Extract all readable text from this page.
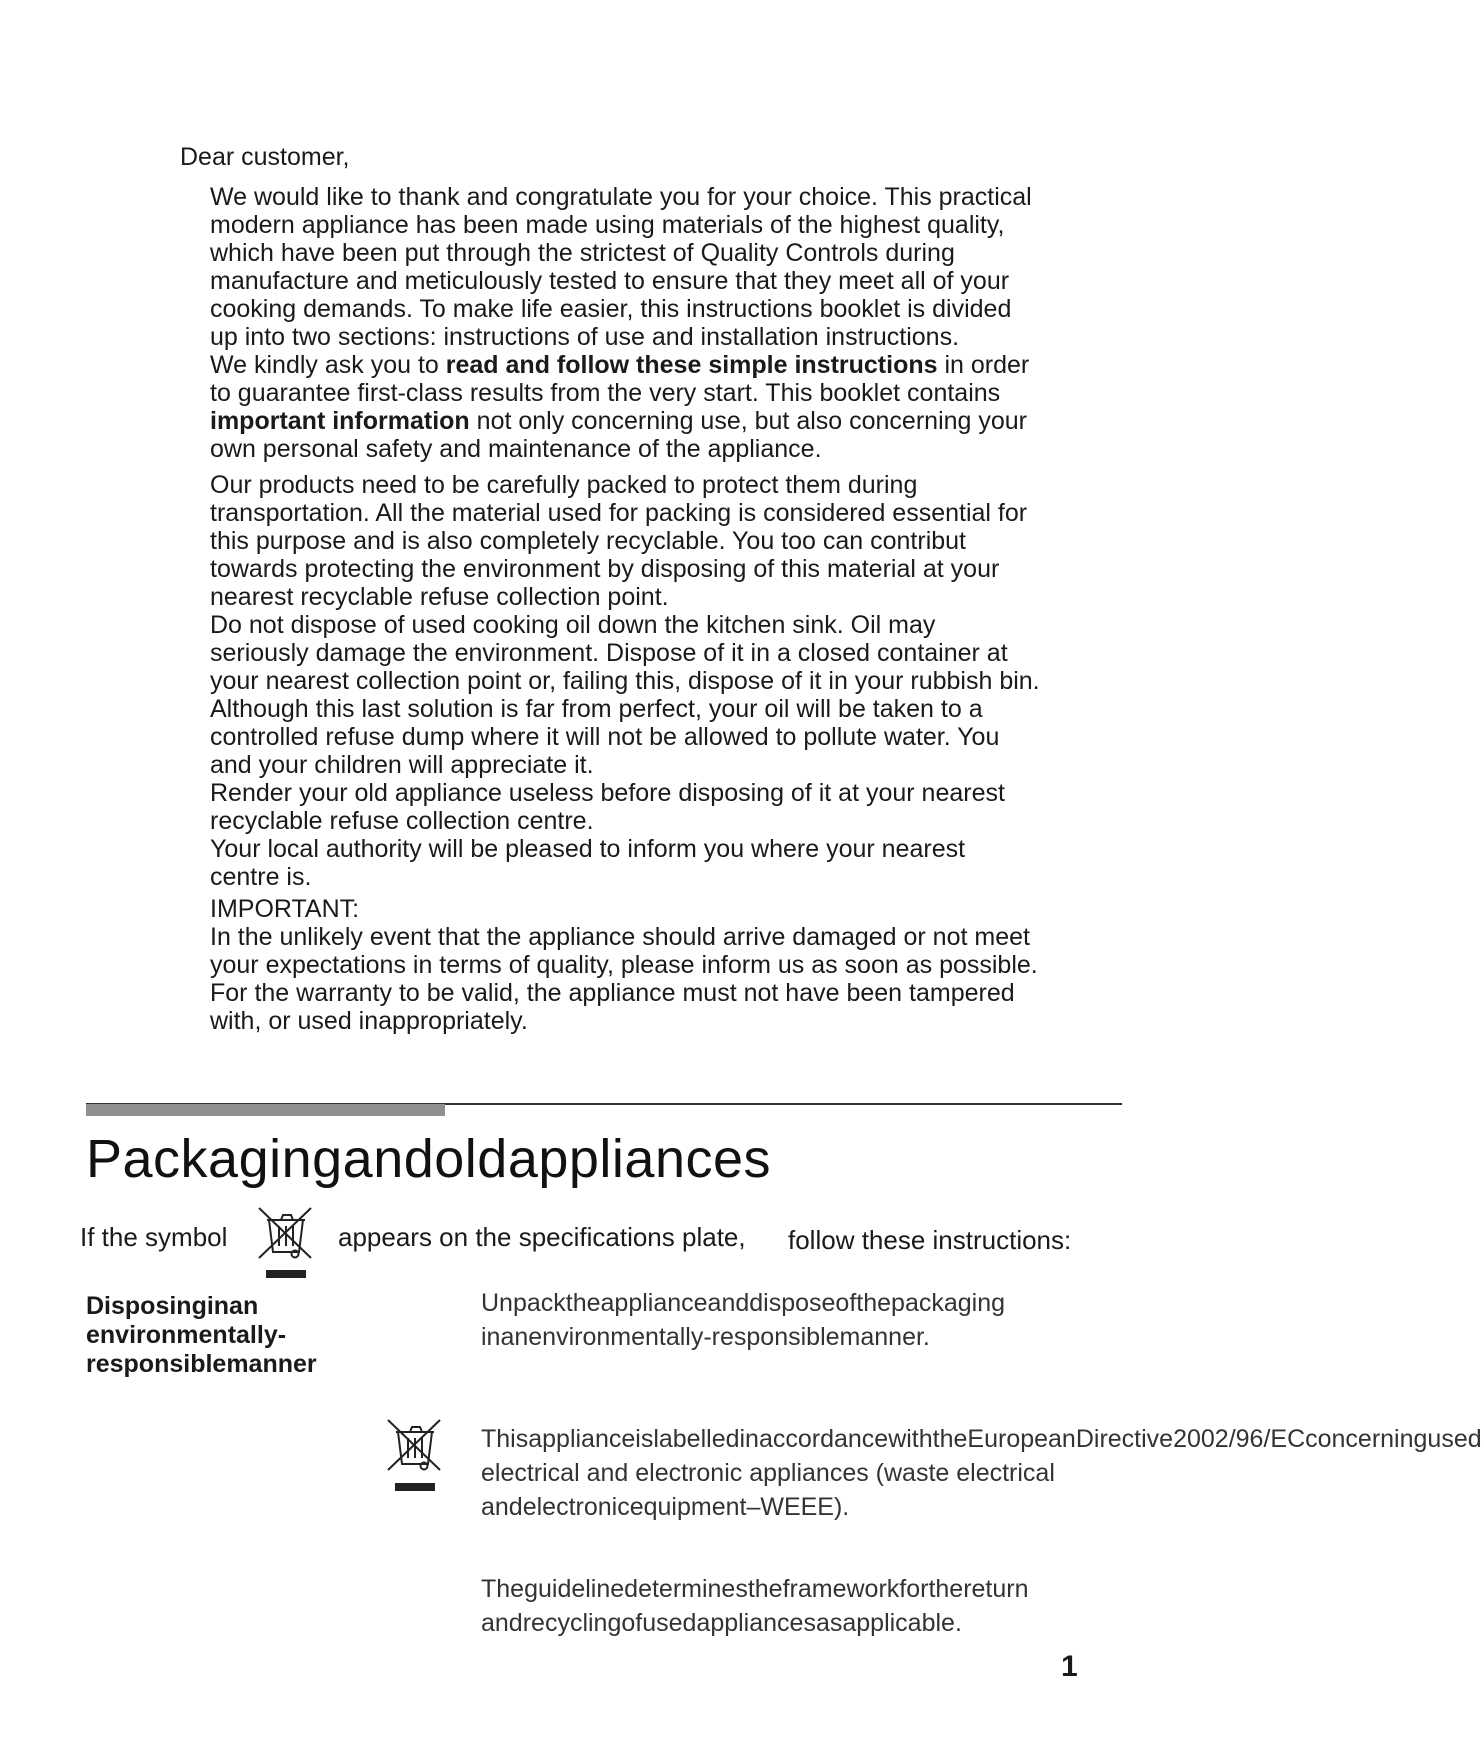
Dear customer,

We would like to thank and congratulate you for your choice. This practical modern appliance has been made using materials of the highest quality, which have been put through the strictest of Quality Controls during manufacture and meticulously tested to ensure that they meet all of your cooking demands. To make life easier, this instructions booklet is divided up into two sections: instructions of use and installation instructions.

We kindly ask you to read and follow these simple instructions in order to guarantee first-class results from the very start. This booklet contains important information not only concerning use, but also concerning your own personal safety and maintenance of the appliance.

Our products need to be carefully packed to protect them during transportation. All the material used for packing is considered essential for this purpose and is also completely recyclable. You too can contribut towards protecting the environment by disposing of this material at your nearest recyclable refuse collection point.

Do not dispose of used cooking oil down the kitchen sink. Oil may seriously damage the environment. Dispose of it in a closed container at your nearest collection point or, failing this, dispose of it in your rubbish bin. Although this last solution is far from perfect, your oil will be taken to a controlled refuse dump where it will not be allowed to pollute water. You and your children will appreciate it.

Render your old appliance useless before disposing of it at your nearest recyclable refuse collection centre.

Your local authority will be pleased to inform you where your nearest centre is.

IMPORTANT:

In the unlikely event that the appliance should arrive damaged or not meet your expectations in terms of quality, please inform us as soon as possible. For the warranty to be valid, the appliance must not have been tampered with, or used inappropriately.

Packagingandoldappliances
If the symbol	appears on the specifications plate, follow these instructions:
Disposinginan environmentally-responsiblemanner
Unpacktheapplianceanddisposeofthepackaging inanenvironmentally-responsiblemanner.
ThisapplianceislabelledinaccordancewiththeEuropeanDirective2002/96/ECconcerningused electrical and electronic appliances (waste electrical andelectronicequipment–WEEE).
Theguidelinedeterminestheframeworkforthereturn andrecyclingofusedappliancesasapplicable.
1
